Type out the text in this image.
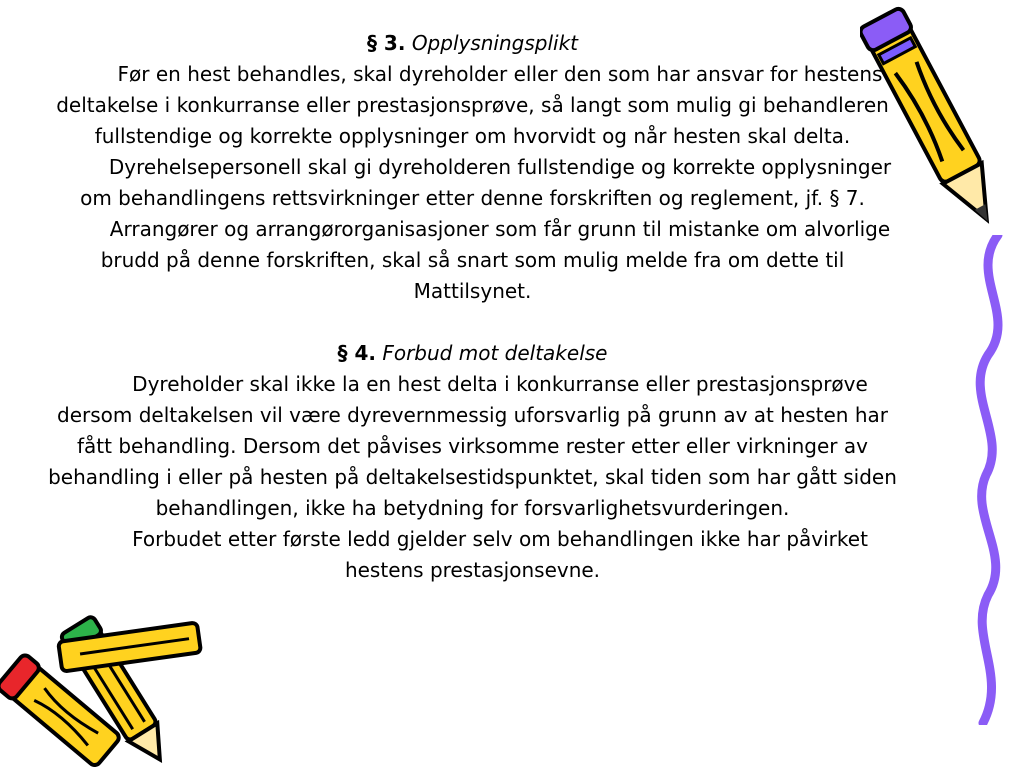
§ 3. Opplysningsplikt

Før en hest behandles, skal dyreholder eller den som har ansvar for hestens deltakelse i konkurranse eller prestasjonsprøve, så langt som mulig gi behandleren fullstendige og korrekte opplysninger om hvorvidt og når hesten skal delta.

Dyrehelsepersonell skal gi dyreholderen fullstendige og korrekte opplysninger om behandlingens rettsvirkninger etter denne forskriften og reglement, jf. § 7.

Arrangører og arrangørorganisasjoner som får grunn til mistanke om alvorlige brudd på denne forskriften, skal så snart som mulig melde fra om dette til Mattilsynet.

§ 4. Forbud mot deltakelse

Dyreholder skal ikke la en hest delta i konkurranse eller prestasjonsprøve dersom deltakelsen vil være dyrevernmessig uforsvarlig på grunn av at hesten har fått behandling. Dersom det påvises virksomme rester etter eller virkninger av behandling i eller på hesten på deltakelsestidspunktet, skal tiden som har gått siden behandlingen, ikke ha betydning for forsvarlighetsvurderingen.

Forbudet etter første ledd gjelder selv om behandlingen ikke har påvirket hestens prestasjonsevne.
